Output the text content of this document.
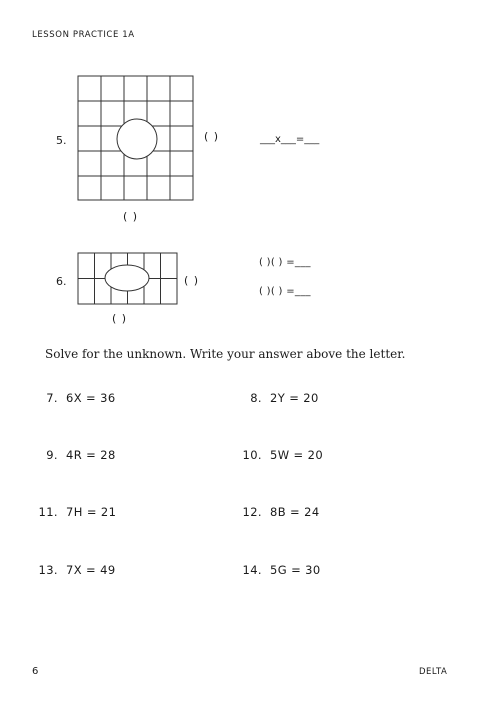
LESSON PRACTICE 1A
5.	( )	___x___=___
( )
6.	( )
( )( ) =___
( )( ) =___
( )
Solve for the unknown. Write your answer above the letter.
7. 6X = 36	8. 2Y = 20
9. 4R = 28	10. 5W = 20
11. 7H = 21	12. 8B = 24
13. 7X = 49	14. 5G = 30
6	DELTA
